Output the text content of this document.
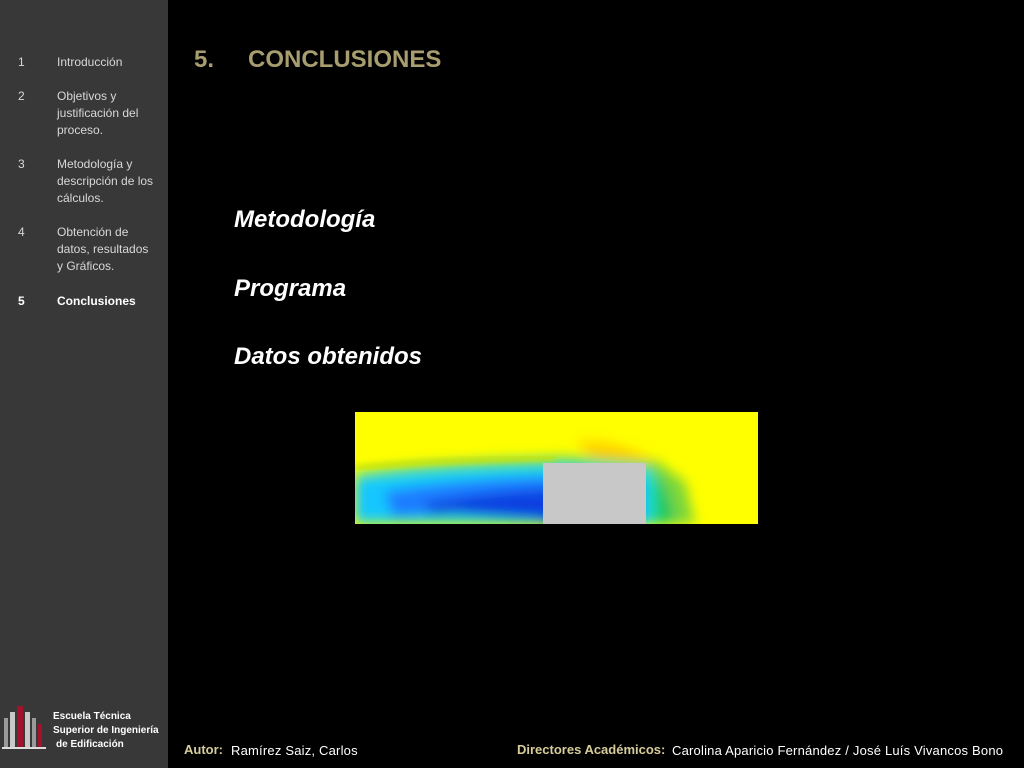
1	Introducción
2	Objetivos y
justificación del
proceso.
3	Metodología y
descripción de los
cálculos.
4	Obtención de
datos, resultados
y Gráficos.
5	Conclusiones
Escuela Técnica
Superior de Ingeniería
de Edificación
5. CONCLUSIONES
Metodología
Programa
Datos obtenidos
Autor: Ramírez Saiz, Carlos	Directores Académicos: Carolina Aparicio Fernández / José Luís Vivancos Bono
